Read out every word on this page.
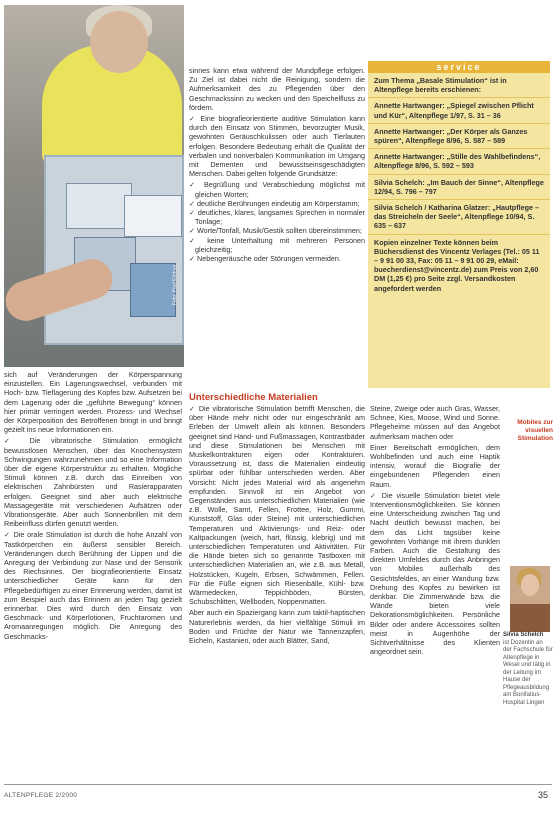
Foto: Paul Ebdrup

sich auf Veränderungen der Körperspannung einzustellen. Ein Lagerungswechsel, verbunden mit Hoch- bzw. Tieflagerung des Kopfes bzw. Aufsetzen bei dem Lagerung oder die „geführte Bewegung“ können hier primär verringert werden. Prozess- und Wechsel der Körperposition des Betroffenen bringt in und bringt gezielt ins neue Informationen ein.

✓ Die vibratorische Stimulation ermöglicht bewusstlosen Menschen, über das Knochensystem Schwingungen wahrzunehmen und so eine Information über die eigene Körperstruktur zu erhalten. Mögliche Stimuli können z.B. durch das Einreiben von elektrischen Zahnbürsten und Rasierapparaten erfolgen. Geeignet sind aber auch elektrische Massagegeräte mit verschiedenen Aufsätzen oder Vibrationsgeräte. Aber auch Sonnenbrillen mit dem Reibeinfluss dürfen genutzt werden.

✓ Die orale Stimulation ist durch die hohe Anzahl von Tastkörperchen ein äußerst sensibler Bereich. Veränderungen durch Berührung der Lippen und die Anregung der Verbindung zur Nase und der Sensorik des Riechsinnes. Der biografieorientierte Einsatz unterschiedlicher Geräte kann für den Pflegebedürftigen zu einer Erinnerung werden, damit ist zum Beispiel auch das Erinnern an jeden Tag gezielt erinnerbar. Dies wird durch den Einsatz von Geschmack- und Körperlotionen, Fruchtaromen und Aromaanregungen möglich. Die Anregung des Geschmacks-

sinnes kann etwa während der Mundpflege erfolgen. Zu Ziel ist dabei nicht die Reinigung, sondern die Aufmerksamkeit des zu Pflegenden über den Geschmackssinn zu wecken und den Speichelfluss zu fördern.

✓ Eine biografieorientierte auditive Stimulation kann durch den Einsatz von Stimmen, bevorzugter Musik, gewohnten Geräuschkulissen oder auch Tierlauten erfolgen. Besondere Bedeutung erhält die Qualität der verbalen und nonverbalen Kommunikation im Umgang mit Dementen und bewusstseinsgeschädigten Menschen. Dabei gelten folgende Grundsätze:

✓ Begrüßung und Verabschiedung möglichst mit gleichen Worten;

✓ deutliche Berührungen eindeutig am Körperstamm;

✓ deutliches, klares, langsames Sprechen in normaler Tonlage;

✓ Worte/Tonfall, Musik/Gestik sollten übereinstimmen;

✓ keine Unterhaltung mit mehreren Personen gleichzeitig;

✓ Nebengeräusche oder Störungen vermeiden.

Unterschiedliche Materialien

✓ Die vibratorische Stimulation betrifft Menschen, die über Hände mehr nicht oder nur eingeschränkt am Erleben der Umwelt allein als können. Besonders geeignet sind Hand- und Fußmassagen, Kontrastbäder und diese Stimulationen bei Menschen mit Muskelkontrakturen eigen oder Kontrakturen. Voraussetzung ist, dass die Materialien eindeutig spürbar oder fühlbar unterschieden werden. Aber Vorsicht: Nicht jedes Material wird als angenehm empfunden. Sinnvoll ist ein Angebot von Gegenständen aus unterschiedlichen Materialien (wie z.B. Wolle, Samt, Fellen, Frottee, Holz, Gummi, Kunststoff, Glas oder Steine) mit unterschiedlichen Temperaturen und Aktivierungs- und Reiz- oder Kaltpackungen (weich, hart, flüssig, klebrig) und mit unterschiedlichen Temperaturen und Aktivitäten. Für die Hände bieten sich so genannte Tastboxen mit unterschiedlichen Materialien an, wie z.B. aus Metall, Holzstücken, Kugeln, Erbsen, Schwämmen, Fellen. Für die Füße eignen sich Riesenbälle, Kühl- bzw. Wärmedecken, Teppichböden, Bürsten, Schubschlitten, Wellboden, Noppenmatten.

Aber auch ein Spaziergang kann zum taktil-haptischen Naturerlebnis werden, da hier vielfältige Stimuli im Boden und Früchte der Natur wie Tannenzapfen, Eicheln, Kastanien, oder auch Blätter, Sand,

service
Zum Thema „Basale Stimulation“ ist in Altenpflege bereits erschienen:
Annette Hartwanger: „Spiegel zwischen Pflicht und Kür“, Altenpflege 1/97, S. 31 – 36
Annette Hartwanger: „Der Körper als Ganzes spüren“, Altenpflege 8/96, S. 587 – 589
Annette Hartwanger: „Stille des Wahlbefindens“, Altenpflege 8/96, S. 592 – 593
Silvia Schelch: „Im Bauch der Sinne“, Altenpflege 12/94, S. 796 – 797
Silvia Schelch / Katharina Glatzer: „Hautpflege – das Streicheln der Seele“, Altenpflege 10/94, S. 635 – 637
Kopien einzelner Texte können beim Büchersdienst des Vincentz Verlages (Tel.: 05 11 – 9 91 00 33, Fax: 05 11 – 9 91 00 29, eMail: buecherdienst@vincentz.de) zum Preis von 2,60 DM (1,25 €) pro Seite zzgl. Versandkosten angefordert werden

Steine, Zweige oder auch Gras, Wasser, Schnee, Kies, Moose, Wind und Sonne. Pflegeheime müssen auf das Angebot aufmerksam machen oder

Einer Bereitschaft ermöglichen, dem Wohlbefinden und auch eine Haptik intensiv, worauf die Biografie der eingebundenen Pflegenden einen Raum.

✓ Die visuelle Stimulation bietet viele Interventionsmöglichkeiten. Sie können eine Unterscheidung zwischen Tag und Nacht deutlich bewusst machen, bei dem das Licht tagsüber keine gewohnten Vorhänge mit ihrem dunklen Farben. Auch die Gestaltung des direkten Umfeldes durch das Anbringen von Mobiles außerhalb des Gesichtsfeldes, an einer Wandung bzw. Drehung des Kopfes zu bewirken ist denkbar. Die Zimmerwände bzw. die Wände bieten viele Dekorationsmöglichkeiten. Persönliche Bilder oder andere Accessoires sollten meist in Augenhöhe der Sichtverhältnisse des Klienten angeordnet sein.

Mobiles zur visuellen Stimulation
Silvia Schelch
ist Dozentin an der Fachschule für Altenpflege in Wesel und tätig in der Leitung im Hause der Pflegeausbildung am Bonifatius-Hospital Lingen
ALTENPFLEGE 2/2000	35
